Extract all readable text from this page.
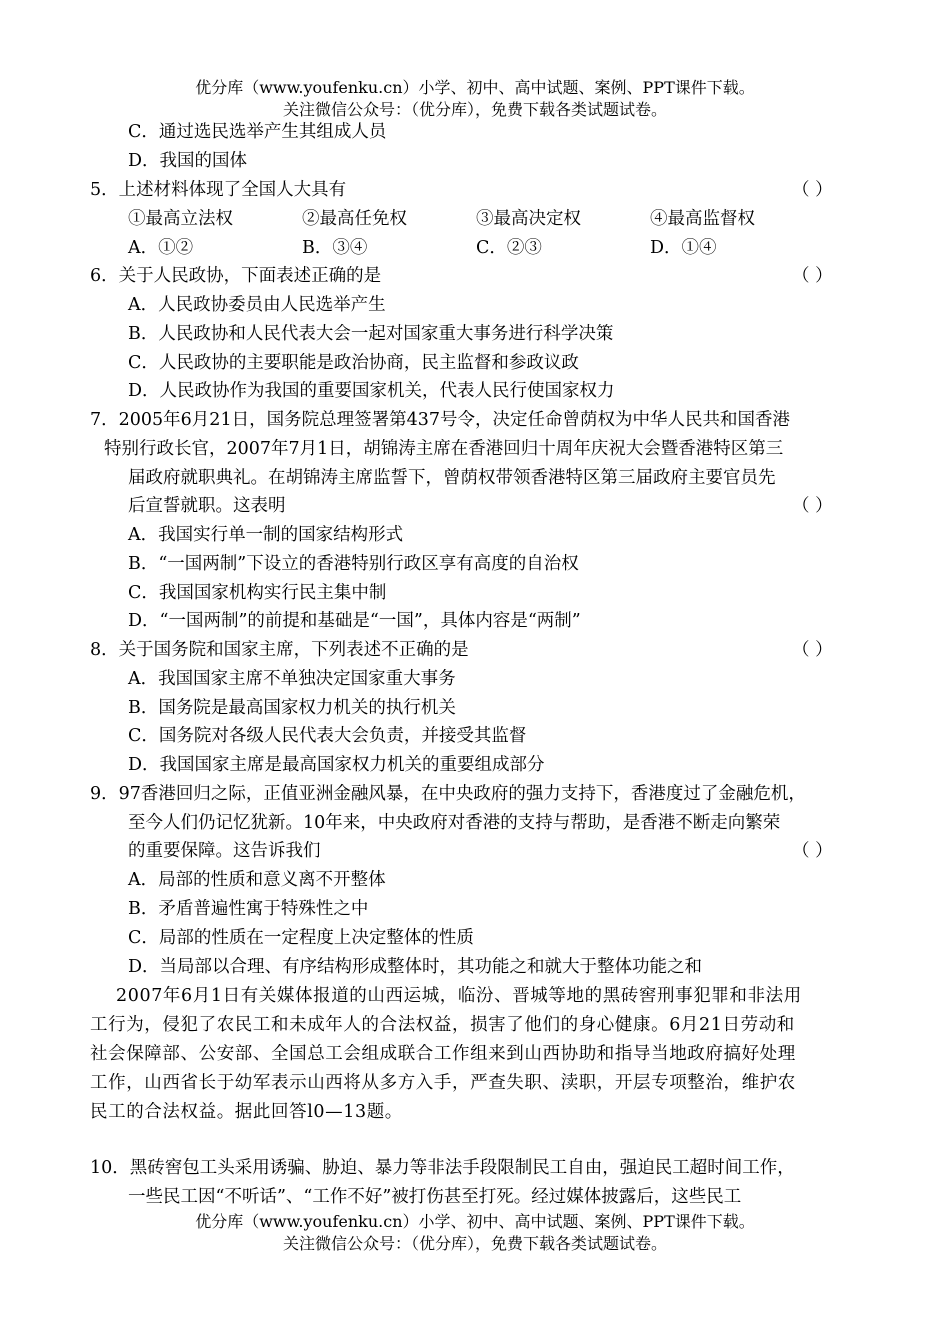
优分库（www.youfenku.cn）小学、初中、高中试题、案例、PPT课件下载。
关注微信公众号：（优分库），免费下载各类试题试卷。
C．通过选民选举产生其组成人员
D．我国的国体
5．上述材料体现了全国人大具有	（ ）
①最高立法权	②最高任免权	③最高决定权	④最高监督权
A．①②	B．③④	C．②③	D．①④
6．关于人民政协，下面表述正确的是	（ ）
A．人民政协委员由人民选举产生
B．人民政协和人民代表大会一起对国家重大事务进行科学决策
C．人民政协的主要职能是政治协商，民主监督和参政议政
D．人民政协作为我国的重要国家机关，代表人民行使国家权力
7．2005年6月21日，国务院总理签署第437号令，决定任命曾荫权为中华人民共和国香港
特别行政长官，2007年7月1日，胡锦涛主席在香港回归十周年庆祝大会暨香港特区第三
届政府就职典礼。在胡锦涛主席监誓下，曾荫权带领香港特区第三届政府主要官员先
后宣誓就职。这表明	（ ）
A．我国实行单一制的国家结构形式
B．“一国两制”下设立的香港特别行政区享有高度的自治权
C．我国国家机构实行民主集中制
D．“一国两制”的前提和基础是“一国”，具体内容是“两制”
8．关于国务院和国家主席，下列表述不正确的是	（ ）
A．我国国家主席不单独决定国家重大事务
B．国务院是最高国家权力机关的执行机关
C．国务院对各级人民代表大会负责，并接受其监督
D．我国国家主席是最高国家权力机关的重要组成部分
9．97香港回归之际，正值亚洲金融风暴，在中央政府的强力支持下，香港度过了金融危机，
至今人们仍记忆犹新。10年来，中央政府对香港的支持与帮助，是香港不断走向繁荣
的重要保障。这告诉我们	（ ）
A．局部的性质和意义离不开整体
B．矛盾普遍性寓于特殊性之中
C．局部的性质在一定程度上决定整体的性质
D．当局部以合理、有序结构形成整体时，其功能之和就大于整体功能之和
2007年6月1日有关媒体报道的山西运城，临汾、晋城等地的黑砖窖刑事犯罪和非法用
工行为，侵犯了农民工和未成年人的合法权益，损害了他们的身心健康。6月21日劳动和
社会保障部、公安部、全国总工会组成联合工作组来到山西协助和指导当地政府搞好处理
工作，山西省长于幼军表示山西将从多方入手，严查失职、渎职，开层专项整治，维护农
民工的合法权益。据此回答l0—13题。
10．黑砖窖包工头采用诱骗、胁迫、暴力等非法手段限制民工自由，强迫民工超时间工作，
一些民工因“不听话”、“工作不好”被打伤甚至打死。经过媒体披露后，这些民工
优分库（www.youfenku.cn）小学、初中、高中试题、案例、PPT课件下载。
关注微信公众号：（优分库），免费下载各类试题试卷。
